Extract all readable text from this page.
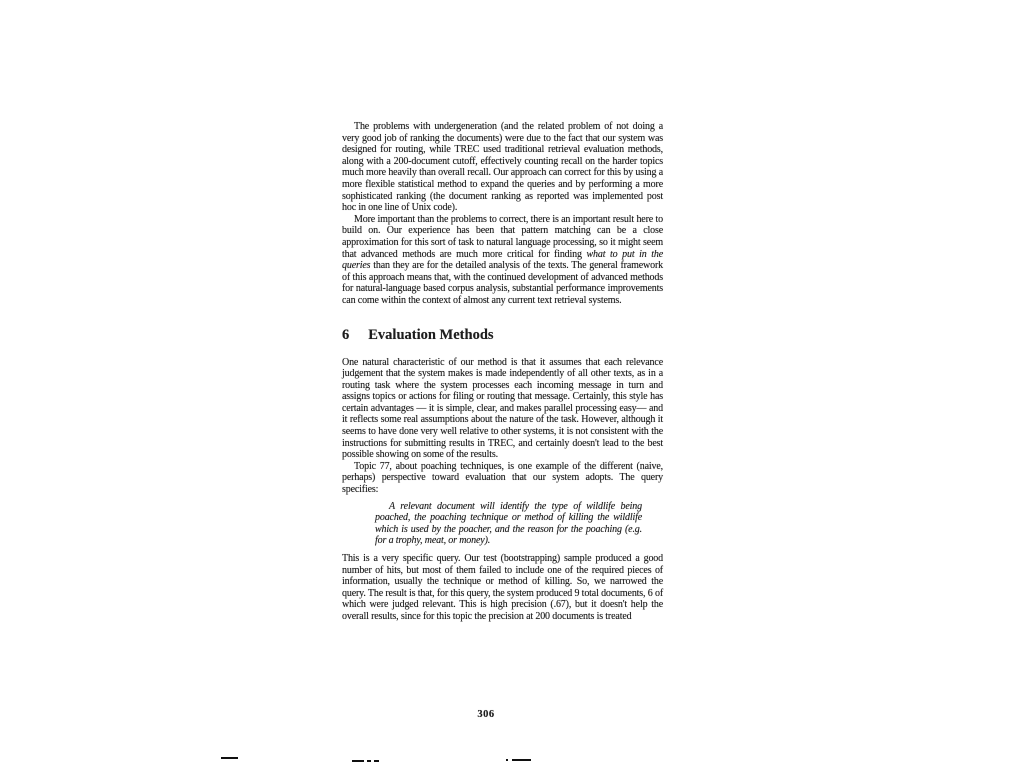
The problems with undergeneration (and the related problem of not doing a very good job of ranking the documents) were due to the fact that our system was designed for routing, while TREC used traditional retrieval evaluation methods, along with a 200-document cutoff, effectively counting recall on the harder topics much more heavily than overall recall. Our approach can correct for this by using a more flexible statistical method to expand the queries and by performing a more sophisticated ranking (the document ranking as reported was implemented post hoc in one line of Unix code).

More important than the problems to correct, there is an important result here to build on. Our experience has been that pattern matching can be a close approximation for this sort of task to natural language processing, so it might seem that advanced methods are much more critical for finding what to put in the queries than they are for the detailed analysis of the texts. The general framework of this approach means that, with the continued development of advanced methods for natural-language based corpus analysis, substantial performance improvements can come within the context of almost any current text retrieval systems.

6 Evaluation Methods

One natural characteristic of our method is that it assumes that each relevance judgement that the system makes is made independently of all other texts, as in a routing task where the system processes each incoming message in turn and assigns topics or actions for filing or routing that message. Certainly, this style has certain advantages — it is simple, clear, and makes parallel processing easy— and it reflects some real assumptions about the nature of the task. However, although it seems to have done very well relative to other systems, it is not consistent with the instructions for submitting results in TREC, and certainly doesn't lead to the best possible showing on some of the results.

Topic 77, about poaching techniques, is one example of the different (naive, perhaps) perspective toward evaluation that our system adopts. The query specifies:

A relevant document will identify the type of wildlife being poached, the poaching technique or method of killing the wildlife which is used by the poacher, and the reason for the poaching (e.g. for a trophy, meat, or money).

This is a very specific query. Our test (bootstrapping) sample produced a good number of hits, but most of them failed to include one of the required pieces of information, usually the technique or method of killing. So, we narrowed the query. The result is that, for this query, the system produced 9 total documents, 6 of which were judged relevant. This is high precision (.67), but it doesn't help the overall results, since for this topic the precision at 200 documents is treated

306
